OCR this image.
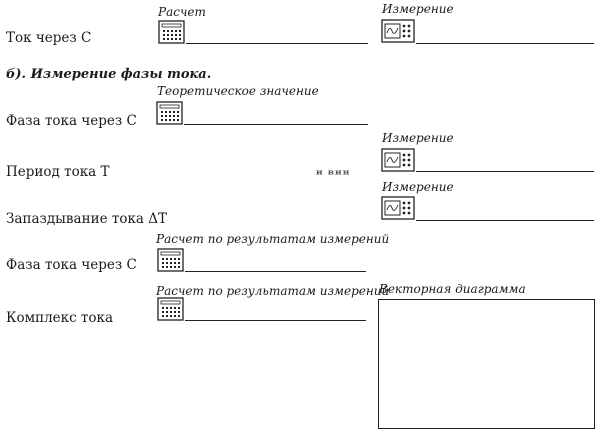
Ток через С
Расчет	Измерение
б). Измерение фазы тока.
Теоретическое значение
Фаза тока через С
Измерение
Период тока T	и вин
Измерение
Запаздывание тока ΔT
Расчет по результатам измерений
Фаза тока через С
Расчет по результатам измерений
Векторная диаграмма
Комплекс тока
